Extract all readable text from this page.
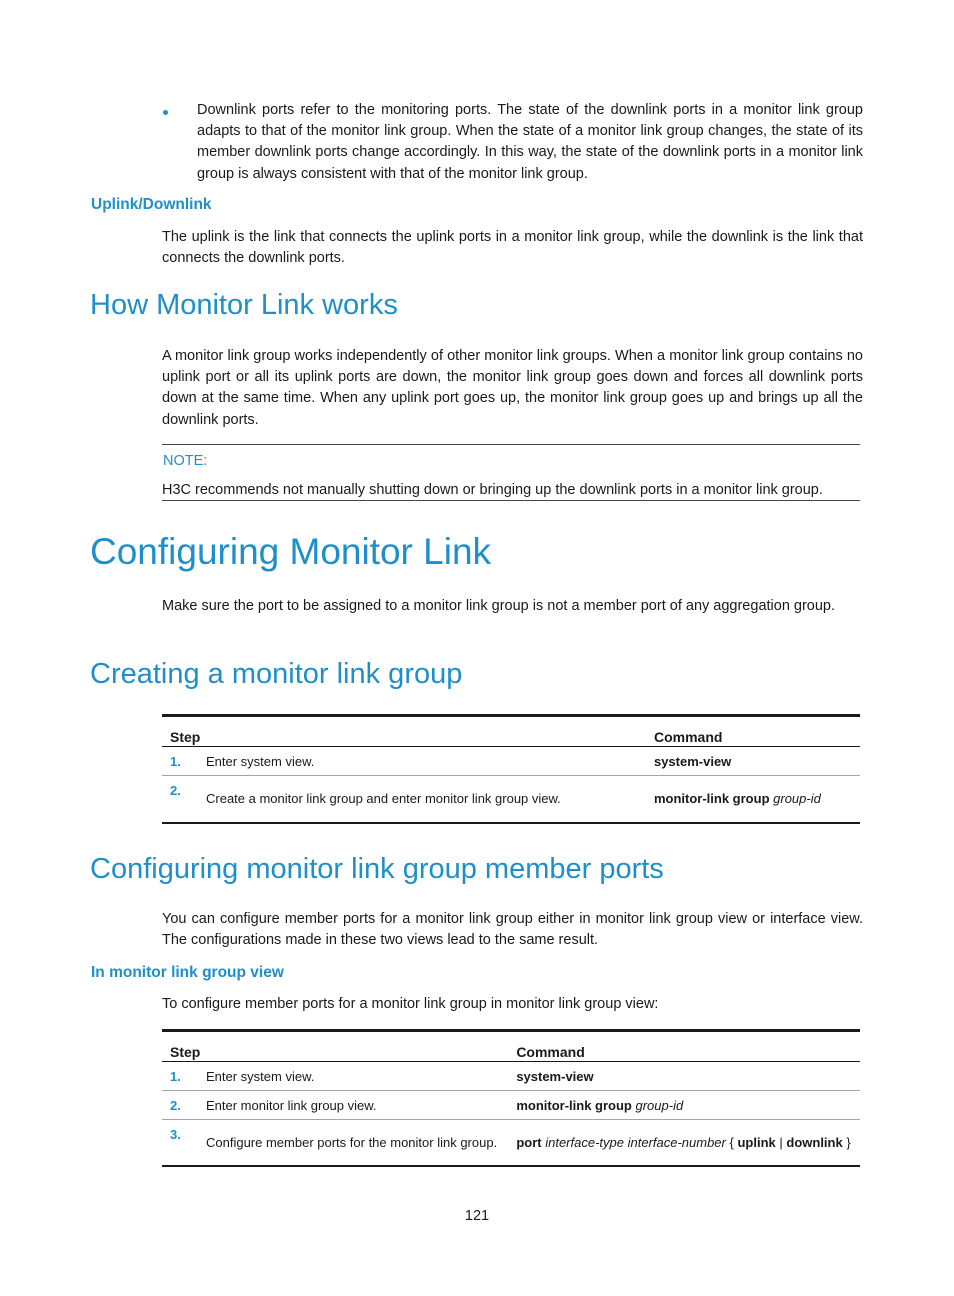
Downlink ports refer to the monitoring ports. The state of the downlink ports in a monitor link group adapts to that of the monitor link group. When the state of a monitor link group changes, the state of its member downlink ports change accordingly. In this way, the state of the downlink ports in a monitor link group is always consistent with that of the monitor link group.

Uplink/Downlink

The uplink is the link that connects the uplink ports in a monitor link group, while the downlink is the link that connects the downlink ports.

How Monitor Link works

A monitor link group works independently of other monitor link groups. When a monitor link group contains no uplink port or all its uplink ports are down, the monitor link group goes down and forces all downlink ports down at the same time. When any uplink port goes up, the monitor link group goes up and brings up all the downlink ports.

NOTE:
H3C recommends not manually shutting down or bringing up the downlink ports in a monitor link group.
Configuring Monitor Link

Make sure the port to be assigned to a monitor link group is not a member port of any aggregation group.

Creating a monitor link group
Step		Command
1.	Enter system view.	system-view
2.	Create a monitor link group and enter monitor link group view.	monitor-link group group-id
Configuring monitor link group member ports

You can configure member ports for a monitor link group either in monitor link group view or interface view. The configurations made in these two views lead to the same result.

In monitor link group view

To configure member ports for a monitor link group in monitor link group view:

Step		Command
1.	Enter system view.	system-view
2.	Enter monitor link group view.	monitor-link group group-id
3.	Configure member ports for the monitor link group.	port interface-type interface-number { uplink | downlink }
121
